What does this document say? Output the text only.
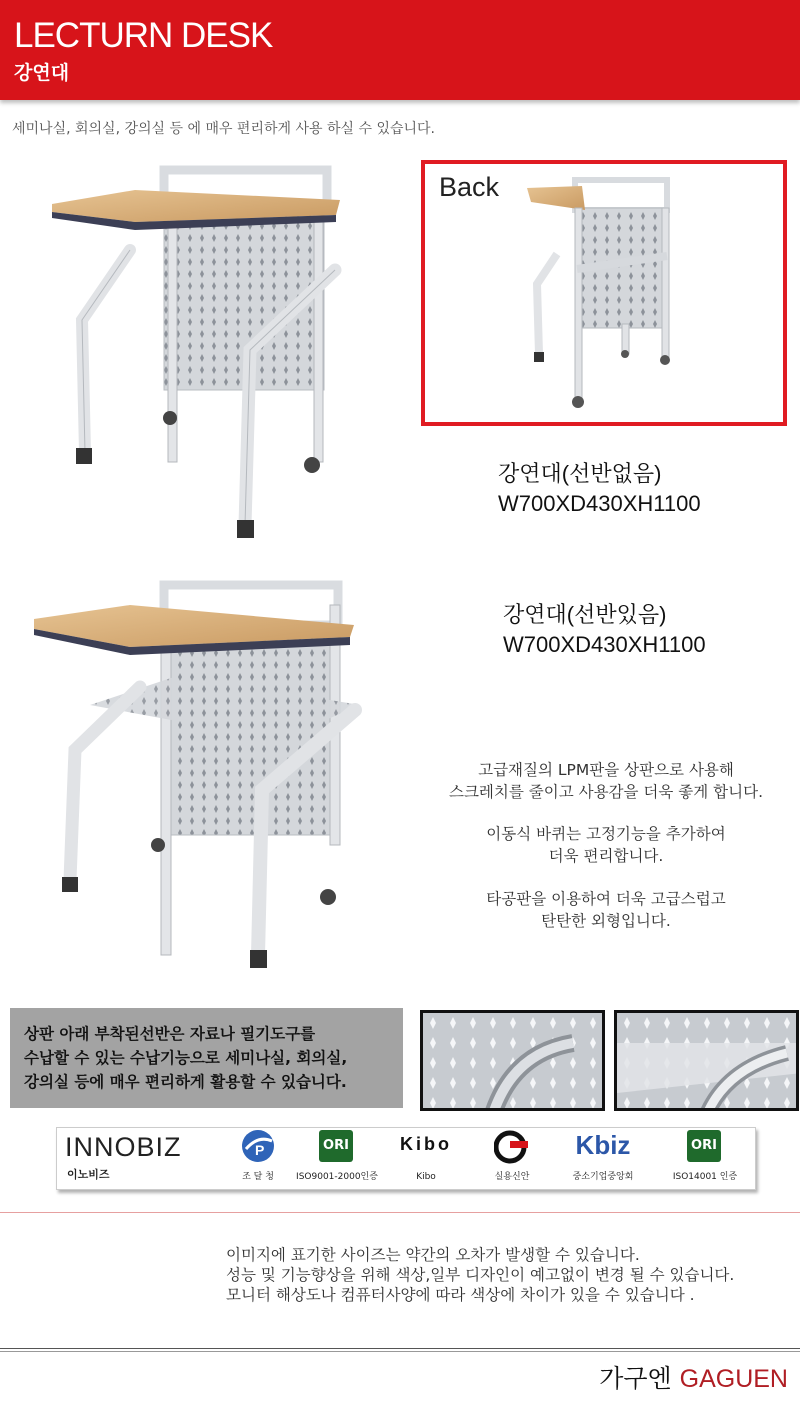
LECTURN DESK
강연대
세미나실, 회의실, 강의실 등 에 매우 편리하게 사용 하실 수 있습니다.
Back
강연대(선반없음)
W700XD430XH1100
강연대(선반있음)
W700XD430XH1100
고급재질의 LPM판을 상판으로 사용해
스크레치를 줄이고 사용감을 더욱 좋게 합니다.
이동식 바퀴는 고정기능을 추가하여
더욱 편리합니다.
타공판을 이용하여 더욱 고급스럽고
탄탄한 외형입니다.

상판 아래 부착된선반은 자료나 필기도구를
수납할 수 있는 수납기능으로 세미나실, 회의실,
강의실 등에 매우 편리하게 활용할 수 있습니다.

INNOBIZ
이노비즈
P
조 달 청
ORI
ISO9001-2000인증
Kibo
Kibo	실용신안
Kbiz
중소기업중앙회
ORI
ISO14001 인증
이미지에 표기한 사이즈는 약간의 오차가 발생할 수 있습니다.
성능 및 기능향상을 위해 색상,일부 디자인이 예고없이 변경 될 수 있습니다.
모니터 해상도나 컴퓨터사양에 따라 색상에 차이가 있을 수 있습니다 .
가구엔 GAGUEN
